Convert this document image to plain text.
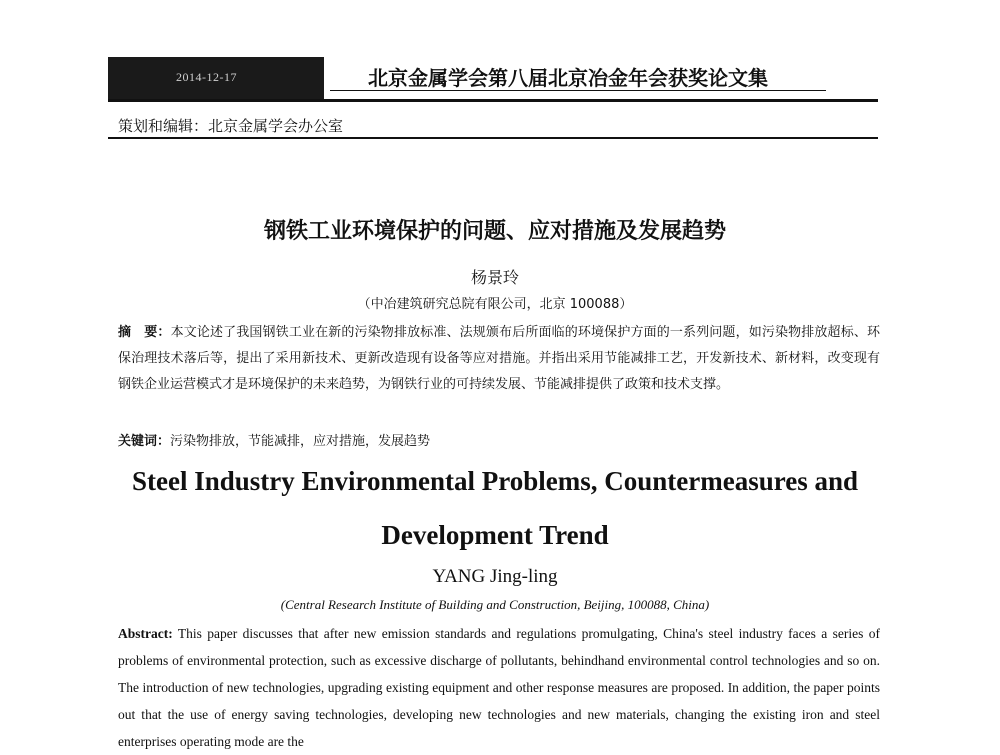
2014-12-17	北京金属学会第八届北京冶金年会获奖论文集
策划和编辑：北京金属学会办公室
钢铁工业环境保护的问题、应对措施及发展趋势
杨景玲
（中冶建筑研究总院有限公司，北京 100088）
摘　要：本文论述了我国钢铁工业在新的污染物排放标准、法规颁布后所面临的环境保护方面的一系列问题，如污染物排放超标、环保治理技术落后等，提出了采用新技术、更新改造现有设备等应对措施。并指出采用节能减排工艺，开发新技术、新材料，改变现有钢铁企业运营模式才是环境保护的未来趋势，为钢铁行业的可持续发展、节能减排提供了政策和技术支撑。
关键词：污染物排放，节能减排，应对措施，发展趋势
Steel Industry Environmental Problems, Countermeasures and
Development Trend
YANG Jing-ling
(Central Research Institute of Building and Construction, Beijing, 100088, China)

Abstract: This paper discusses that after new emission standards and regulations promulgating, China's steel industry faces a series of problems of environmental protection, such as excessive discharge of pollutants, behindhand environmental control technologies and so on. The introduction of new technologies, upgrading existing equipment and other response measures are proposed. In addition, the paper points out that the use of energy saving technologies, developing new technologies and new materials, changing the existing iron and steel enterprises operating mode are the
